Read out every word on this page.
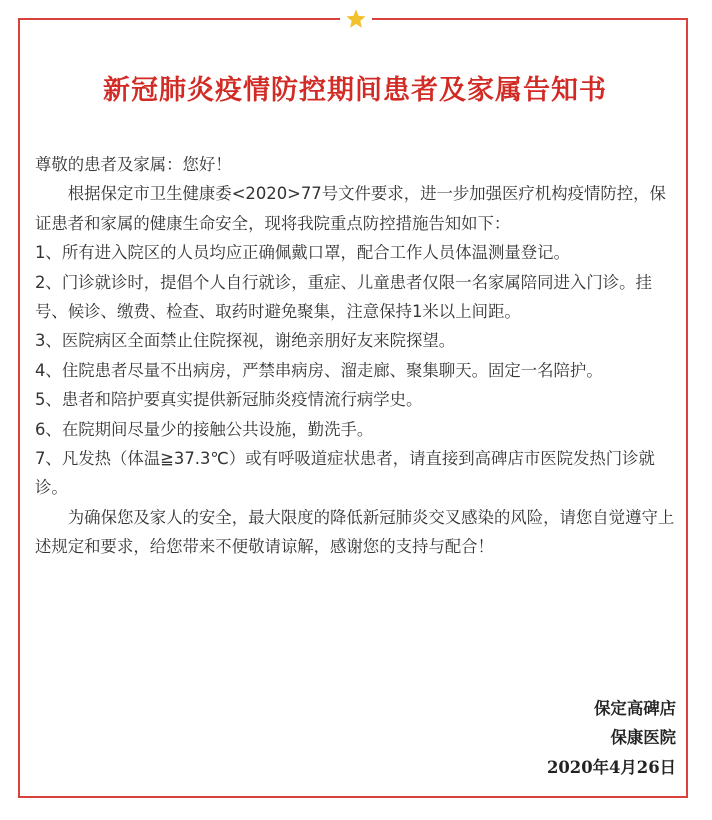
新冠肺炎疫情防控期间患者及家属告知书

尊敬的患者及家属：您好！

根据保定市卫生健康委<2020>77号文件要求，进一步加强医疗机构疫情防控，保证患者和家属的健康生命安全，现将我院重点防控措施告知如下：

1、所有进入院区的人员均应正确佩戴口罩，配合工作人员体温测量登记。

2、门诊就诊时，提倡个人自行就诊，重症、儿童患者仅限一名家属陪同进入门诊。挂号、候诊、缴费、检查、取药时避免聚集，注意保持1米以上间距。

3、医院病区全面禁止住院探视，谢绝亲朋好友来院探望。

4、住院患者尽量不出病房，严禁串病房、溜走廊、聚集聊天。固定一名陪护。

5、患者和陪护要真实提供新冠肺炎疫情流行病学史。

6、在院期间尽量少的接触公共设施，勤洗手。

7、凡发热（体温≧37.3℃）或有呼吸道症状患者，请直接到高碑店市医院发热门诊就诊。

为确保您及家人的安全，最大限度的降低新冠肺炎交叉感染的风险，请您自觉遵守上述规定和要求，给您带来不便敬请谅解，感谢您的支持与配合！

保定高碑店
保康医院
2020年4月26日
